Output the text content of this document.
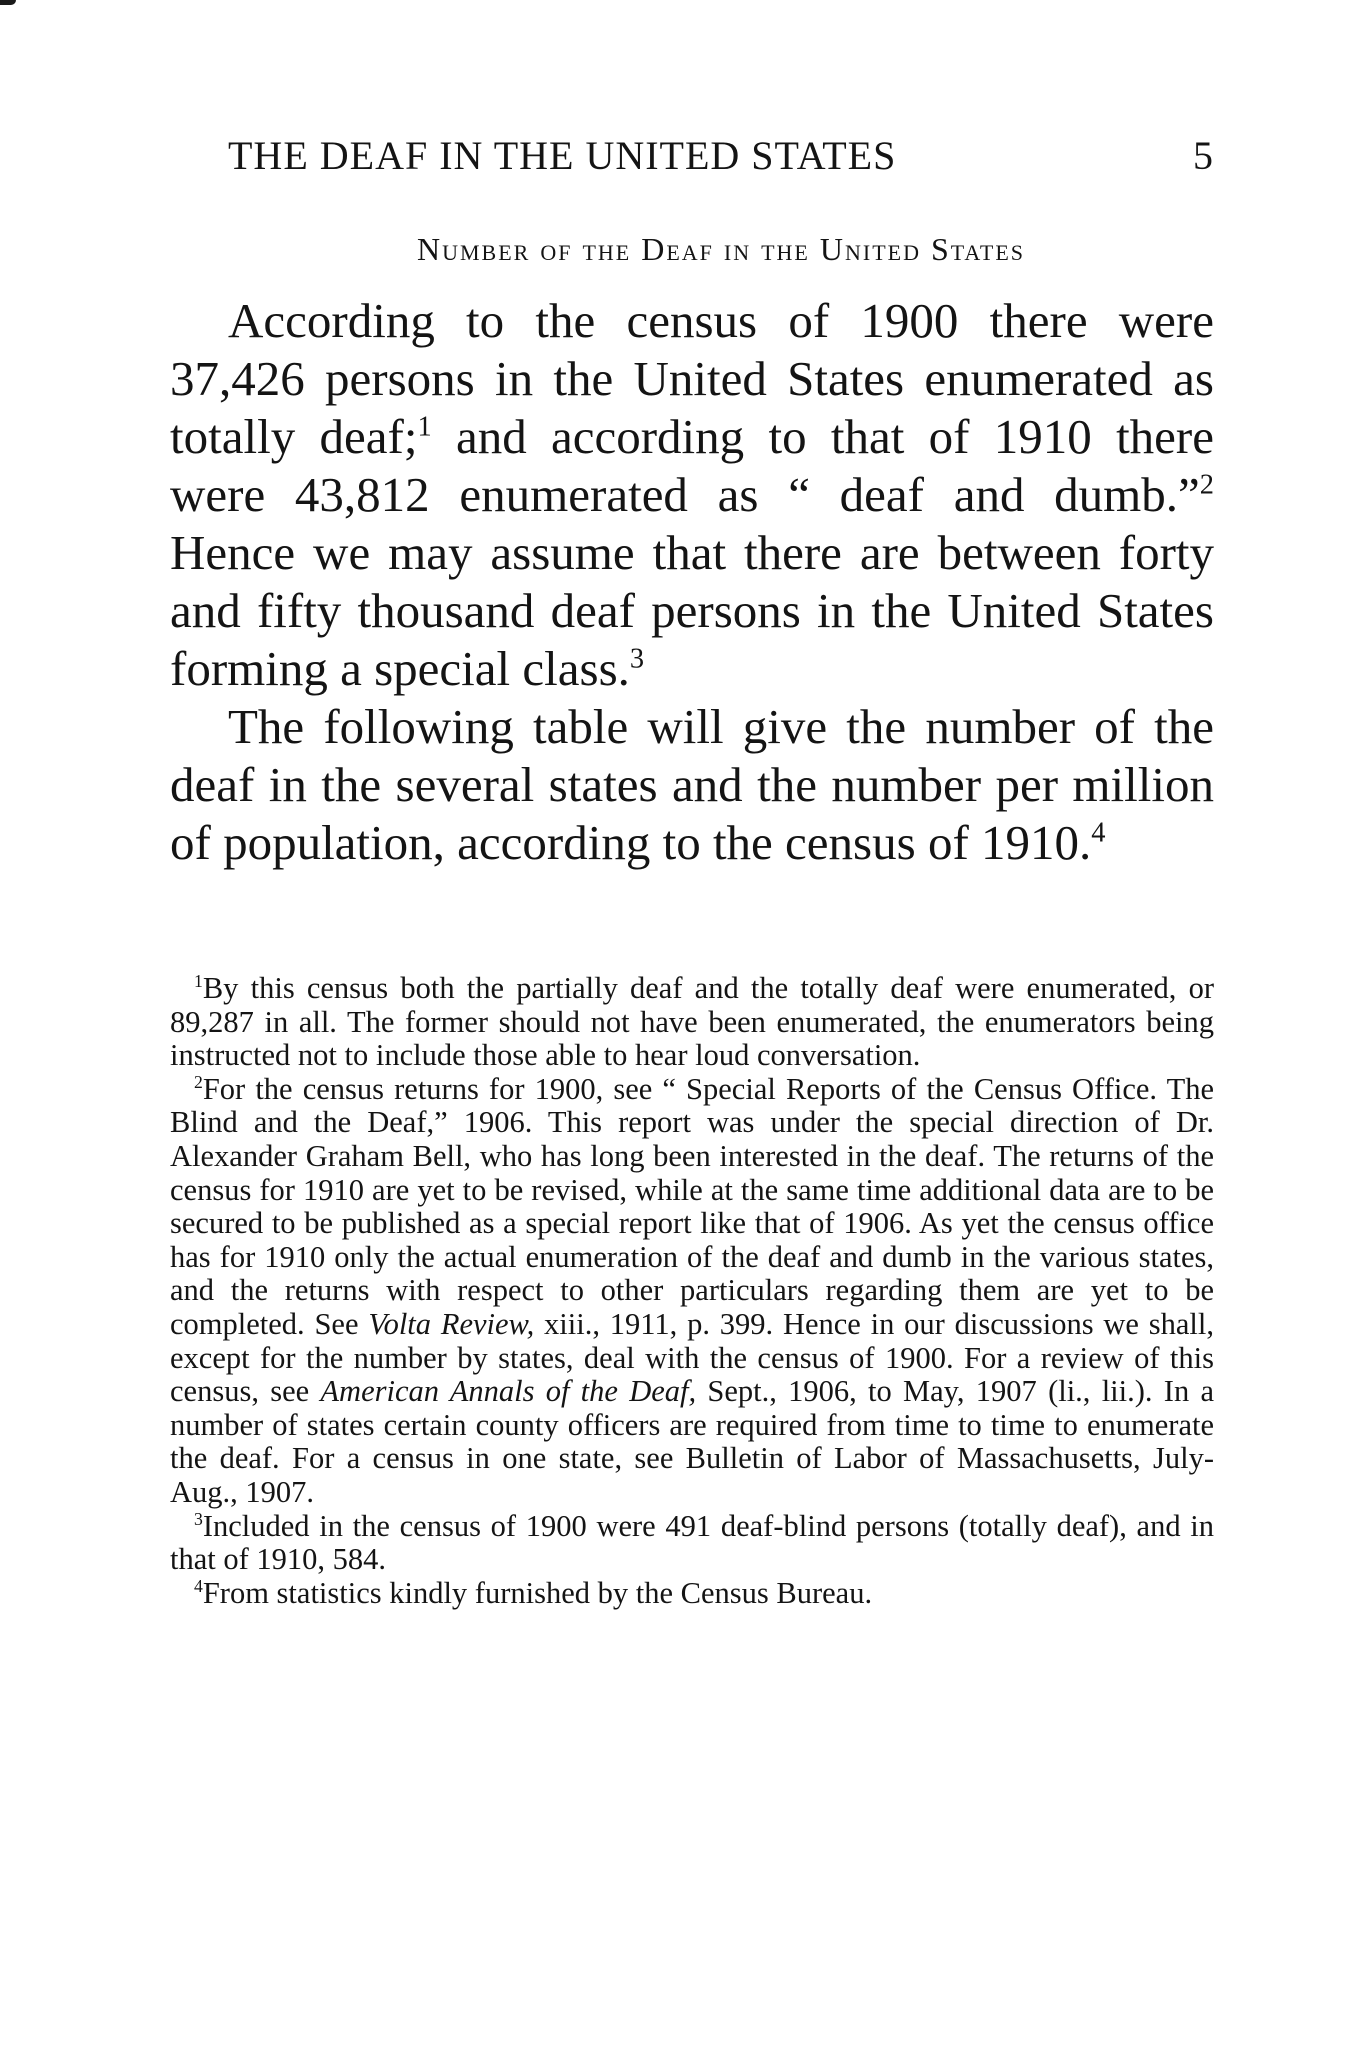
THE DEAF IN THE UNITED STATES	5
Number of the Deaf in the United States

According to the census of 1900 there were 37,426 persons in the United States enumerated as totally deaf;$^1$ and according to that of 1910 there were 43,812 enumerated as “ deaf and dumb.”$^2$ Hence we may assume that there are between forty and fifty thousand deaf persons in the United States forming a special class.$^3$

The following table will give the number of the deaf in the several states and the number per million of population, according to the census of 1910.$^4$

$^1$By this census both the partially deaf and the totally deaf were enumerated, or 89,287 in all. The former should not have been enumerated, the enumerators being instructed not to include those able to hear loud conversation.

$^2$For the census returns for 1900, see “ Special Reports of the Census Office. The Blind and the Deaf,” 1906. This report was under the special direction of Dr. Alexander Graham Bell, who has long been interested in the deaf. The returns of the census for 1910 are yet to be revised, while at the same time additional data are to be secured to be published as a special report like that of 1906. As yet the census office has for 1910 only the actual enumeration of the deaf and dumb in the various states, and the returns with respect to other particulars regarding them are yet to be completed. See Volta Review, xiii., 1911, p. 399. Hence in our discussions we shall, except for the number by states, deal with the census of 1900. For a review of this census, see American Annals of the Deaf, Sept., 1906, to May, 1907 (li., lii.). In a number of states certain county officers are required from time to time to enumerate the deaf. For a census in one state, see Bulletin of Labor of Massachusetts, July-Aug., 1907.

$^3$Included in the census of 1900 were 491 deaf-blind persons (totally deaf), and in that of 1910, 584.

$^4$From statistics kindly furnished by the Census Bureau.
